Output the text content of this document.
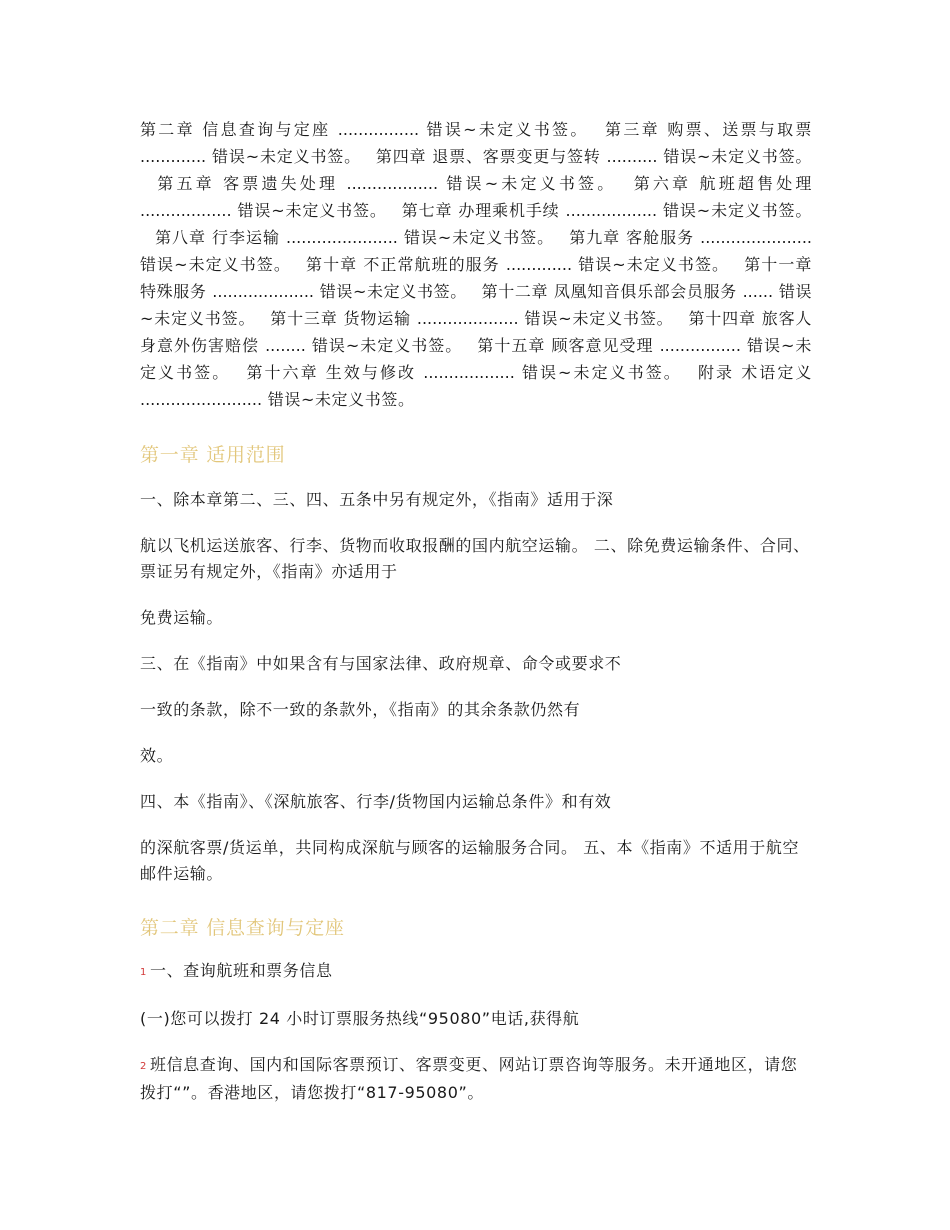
第二章 信息查询与定座 ................ 错误~未定义书签。 第三章 购票、送票与取票 ............. 错误~未定义书签。 第四章 退票、客票变更与签转 .......... 错误~未定义书签。 第五章 客票遗失处理 .................. 错误~未定义书签。 第六章 航班超售处理 .................. 错误~未定义书签。 第七章 办理乘机手续 .................. 错误~未定义书签。 第八章 行李运输 ...................... 错误~未定义书签。 第九章 客舱服务 ...................... 错误~未定义书签。 第十章 不正常航班的服务 ............. 错误~未定义书签。 第十一章 特殊服务 .................... 错误~未定义书签。 第十二章 凤凰知音俱乐部会员服务 ...... 错误~未定义书签。 第十三章 货物运输 .................... 错误~未定义书签。 第十四章 旅客人身意外伤害赔偿 ........ 错误~未定义书签。 第十五章 顾客意见受理 ................ 错误~未定义书签。 第十六章 生效与修改 .................. 错误~未定义书签。 附录 术语定义 ........................ 错误~未定义书签。

第一章 适用范围

一、除本章第二、三、四、五条中另有规定外，《指南》适用于深

航以飞机运送旅客、行李、货物而收取报酬的国内航空运输。 二、除免费运输条件、合同、票证另有规定外，《指南》亦适用于

免费运输。

三、在《指南》中如果含有与国家法律、政府规章、命令或要求不

一致的条款，除不一致的条款外，《指南》的其余条款仍然有

效。

四、本《指南》、《深航旅客、行李/货物国内运输总条件》和有效

的深航客票/货运单，共同构成深航与顾客的运输服务合同。 五、本《指南》不适用于航空邮件运输。

第二章 信息查询与定座

1 一、查询航班和票务信息

(一)您可以拨打 24 小时订票服务热线“95080”电话,获得航

2 班信息查询、国内和国际客票预订、客票变更、网站订票咨询等服务。未开通地区，请您拨打“”。香港地区，请您拨打“817-95080”。
